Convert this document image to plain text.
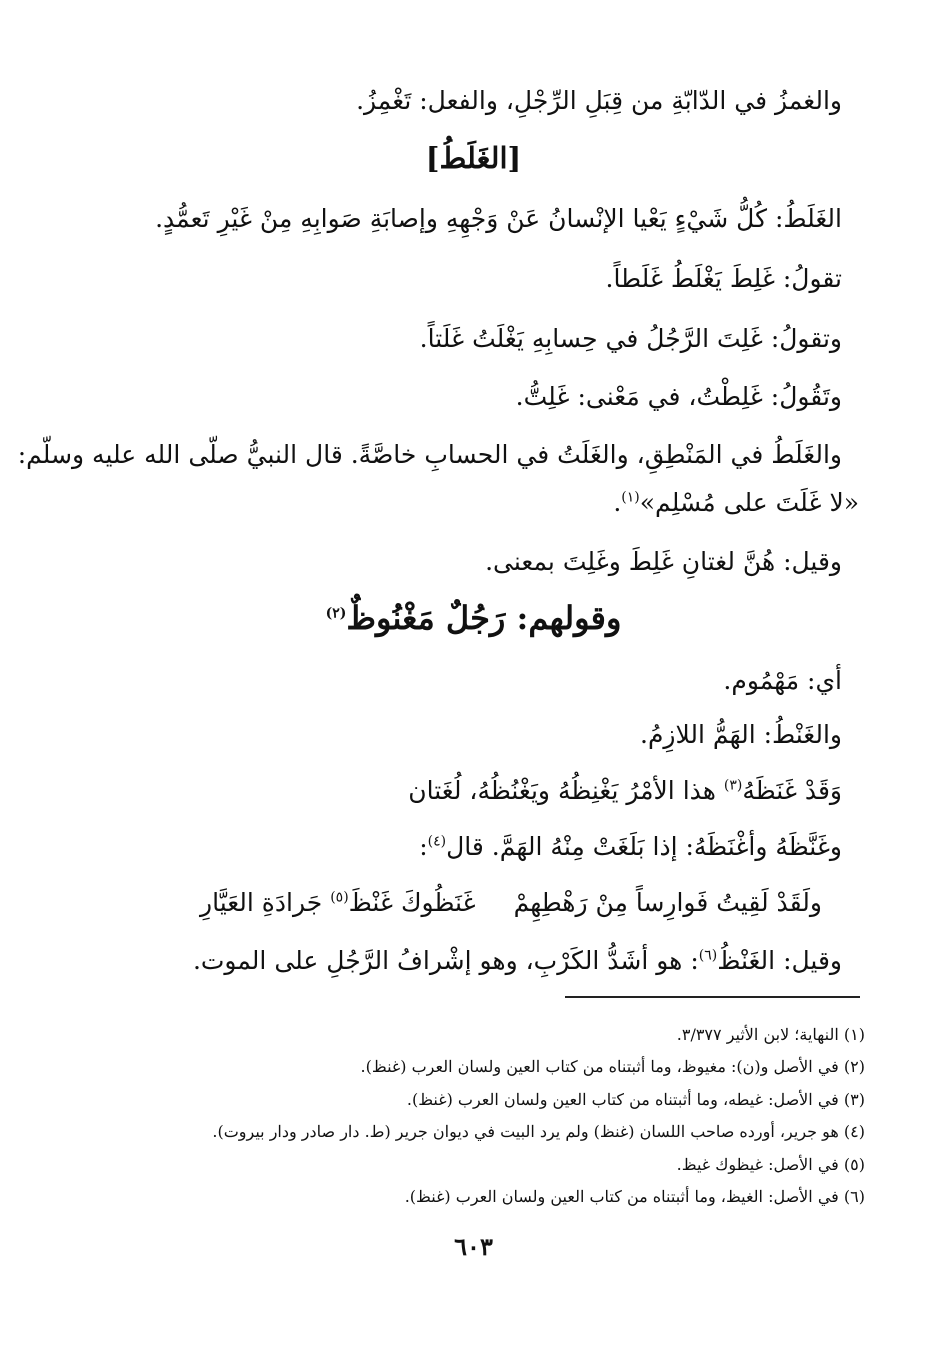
والغمزُ في الدّابّةِ من قِبَلِ الرِّجْلِ، والفعل: تَغْمِزُ.
[الغَلَطُ]
الغَلَطُ: كُلُّ شَيْءٍ يَعْيا الإنْسانُ عَنْ وَجْهِهِ وإصابَةِ صَوابِهِ مِنْ غَيْرِ تَعمُّدٍ.
تقولُ: غَلِطَ يَغْلَطُ غَلَطاً.
وتقولُ: غَلِتَ الرَّجُلُ في حِسابِهِ يَغْلَتُ غَلَتاً.
وتَقُولُ: غَلِطْتُ، في مَعْنى: غَلِتُّ.
والغَلَطُ في المَنْطِقِ، والغَلَتُ في الحسابِ خاصَّةً. قال النبيُّ صلّى الله عليه وسلّم:
«لا غَلَتَ على مُسْلِم»$^{(١)}$.
وقيل: هُنَّ لغتانِ غَلِطَ وغَلِتَ بمعنى.
وقولهم: رَجُلٌ مَغْنُوظٌ$^{(٢)}$
أي: مَهْمُوم.
والغَنْطُ: الهَمُّ اللازِمُ.
وَقَدْ غَنَظَهُ$^{(٣)}$ هذا الأمْرُ يَغْنِظُهُ ويَغْنُظُهُ، لُغَتان
وغَنَّظَهُ وأغْنَظَهُ: إذا بَلَغَتْ مِنْهُ الهَمَّ. قال$^{(٤)}$:
ولَقَدْ لَقِيتُ فَوارِساً مِنْ رَهْطِهِمْ
غَنَظُوكَ غَنْظَ$^{(٥)}$ جَرادَةِ العَيَّارِ
وقيل: الغَنْظُ$^{(٦)}$: هو أشَدُّ الكَرْبِ، وهو إشْرافُ الرَّجُلِ على الموت.
(١) النهاية؛ لابن الأثير ٣/٣٧٧.
(٢) في الأصل و(ن): مغيوظ، وما أثبتناه من كتاب العين ولسان العرب (غنظ).
(٣) في الأصل: غيطه، وما أثبتناه من كتاب العين ولسان العرب (غنظ).
(٤) هو جرير، أورده صاحب اللسان (غنظ) ولم يرد البيت في ديوان جرير (ط. دار صادر ودار بيروت).
(٥) في الأصل: غيظوك غيظ.
(٦) في الأصل: الغيظ، وما أثبتناه من كتاب العين ولسان العرب (غنظ).
٦٠٣
